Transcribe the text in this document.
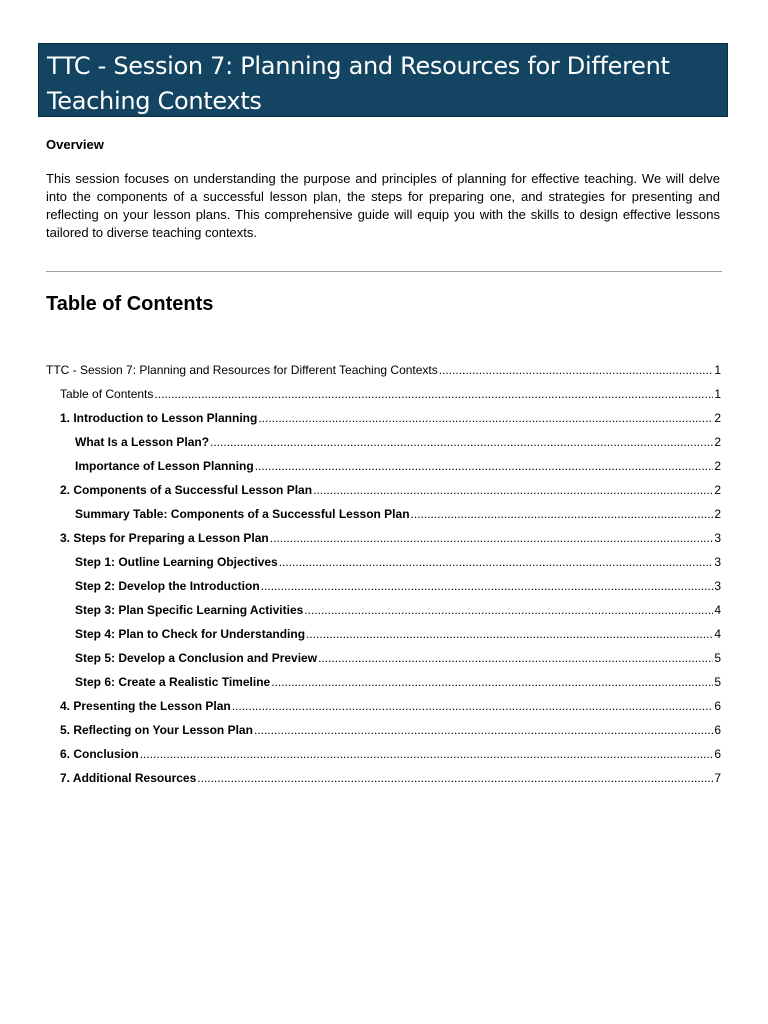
TTC - Session 7: Planning and Resources for Different

Teaching Contexts

Overview

This session focuses on understanding the purpose and principles of planning for effective teaching. We will delve into the components of a successful lesson plan, the steps for preparing one, and strategies for presenting and reflecting on your lesson plans. This comprehensive guide will equip you with the skills to design effective lessons tailored to diverse teaching contexts.

Table of Contents
TTC - Session 7: Planning and Resources for Different Teaching Contexts .....	1
Table of Contents .....	1
1. Introduction to Lesson Planning .....	2
What Is a Lesson Plan? .....	2
Importance of Lesson Planning .....	2
2. Components of a Successful Lesson Plan .....	2
Summary Table: Components of a Successful Lesson Plan .....	2
3. Steps for Preparing a Lesson Plan .....	3
Step 1: Outline Learning Objectives .....	3
Step 2: Develop the Introduction .....	3
Step 3: Plan Specific Learning Activities .....	4
Step 4: Plan to Check for Understanding .....	4
Step 5: Develop a Conclusion and Preview .....	5
Step 6: Create a Realistic Timeline .....	5
4. Presenting the Lesson Plan .....	6
5. Reflecting on Your Lesson Plan .....	6
6. Conclusion .....	6
7. Additional Resources .....	7
